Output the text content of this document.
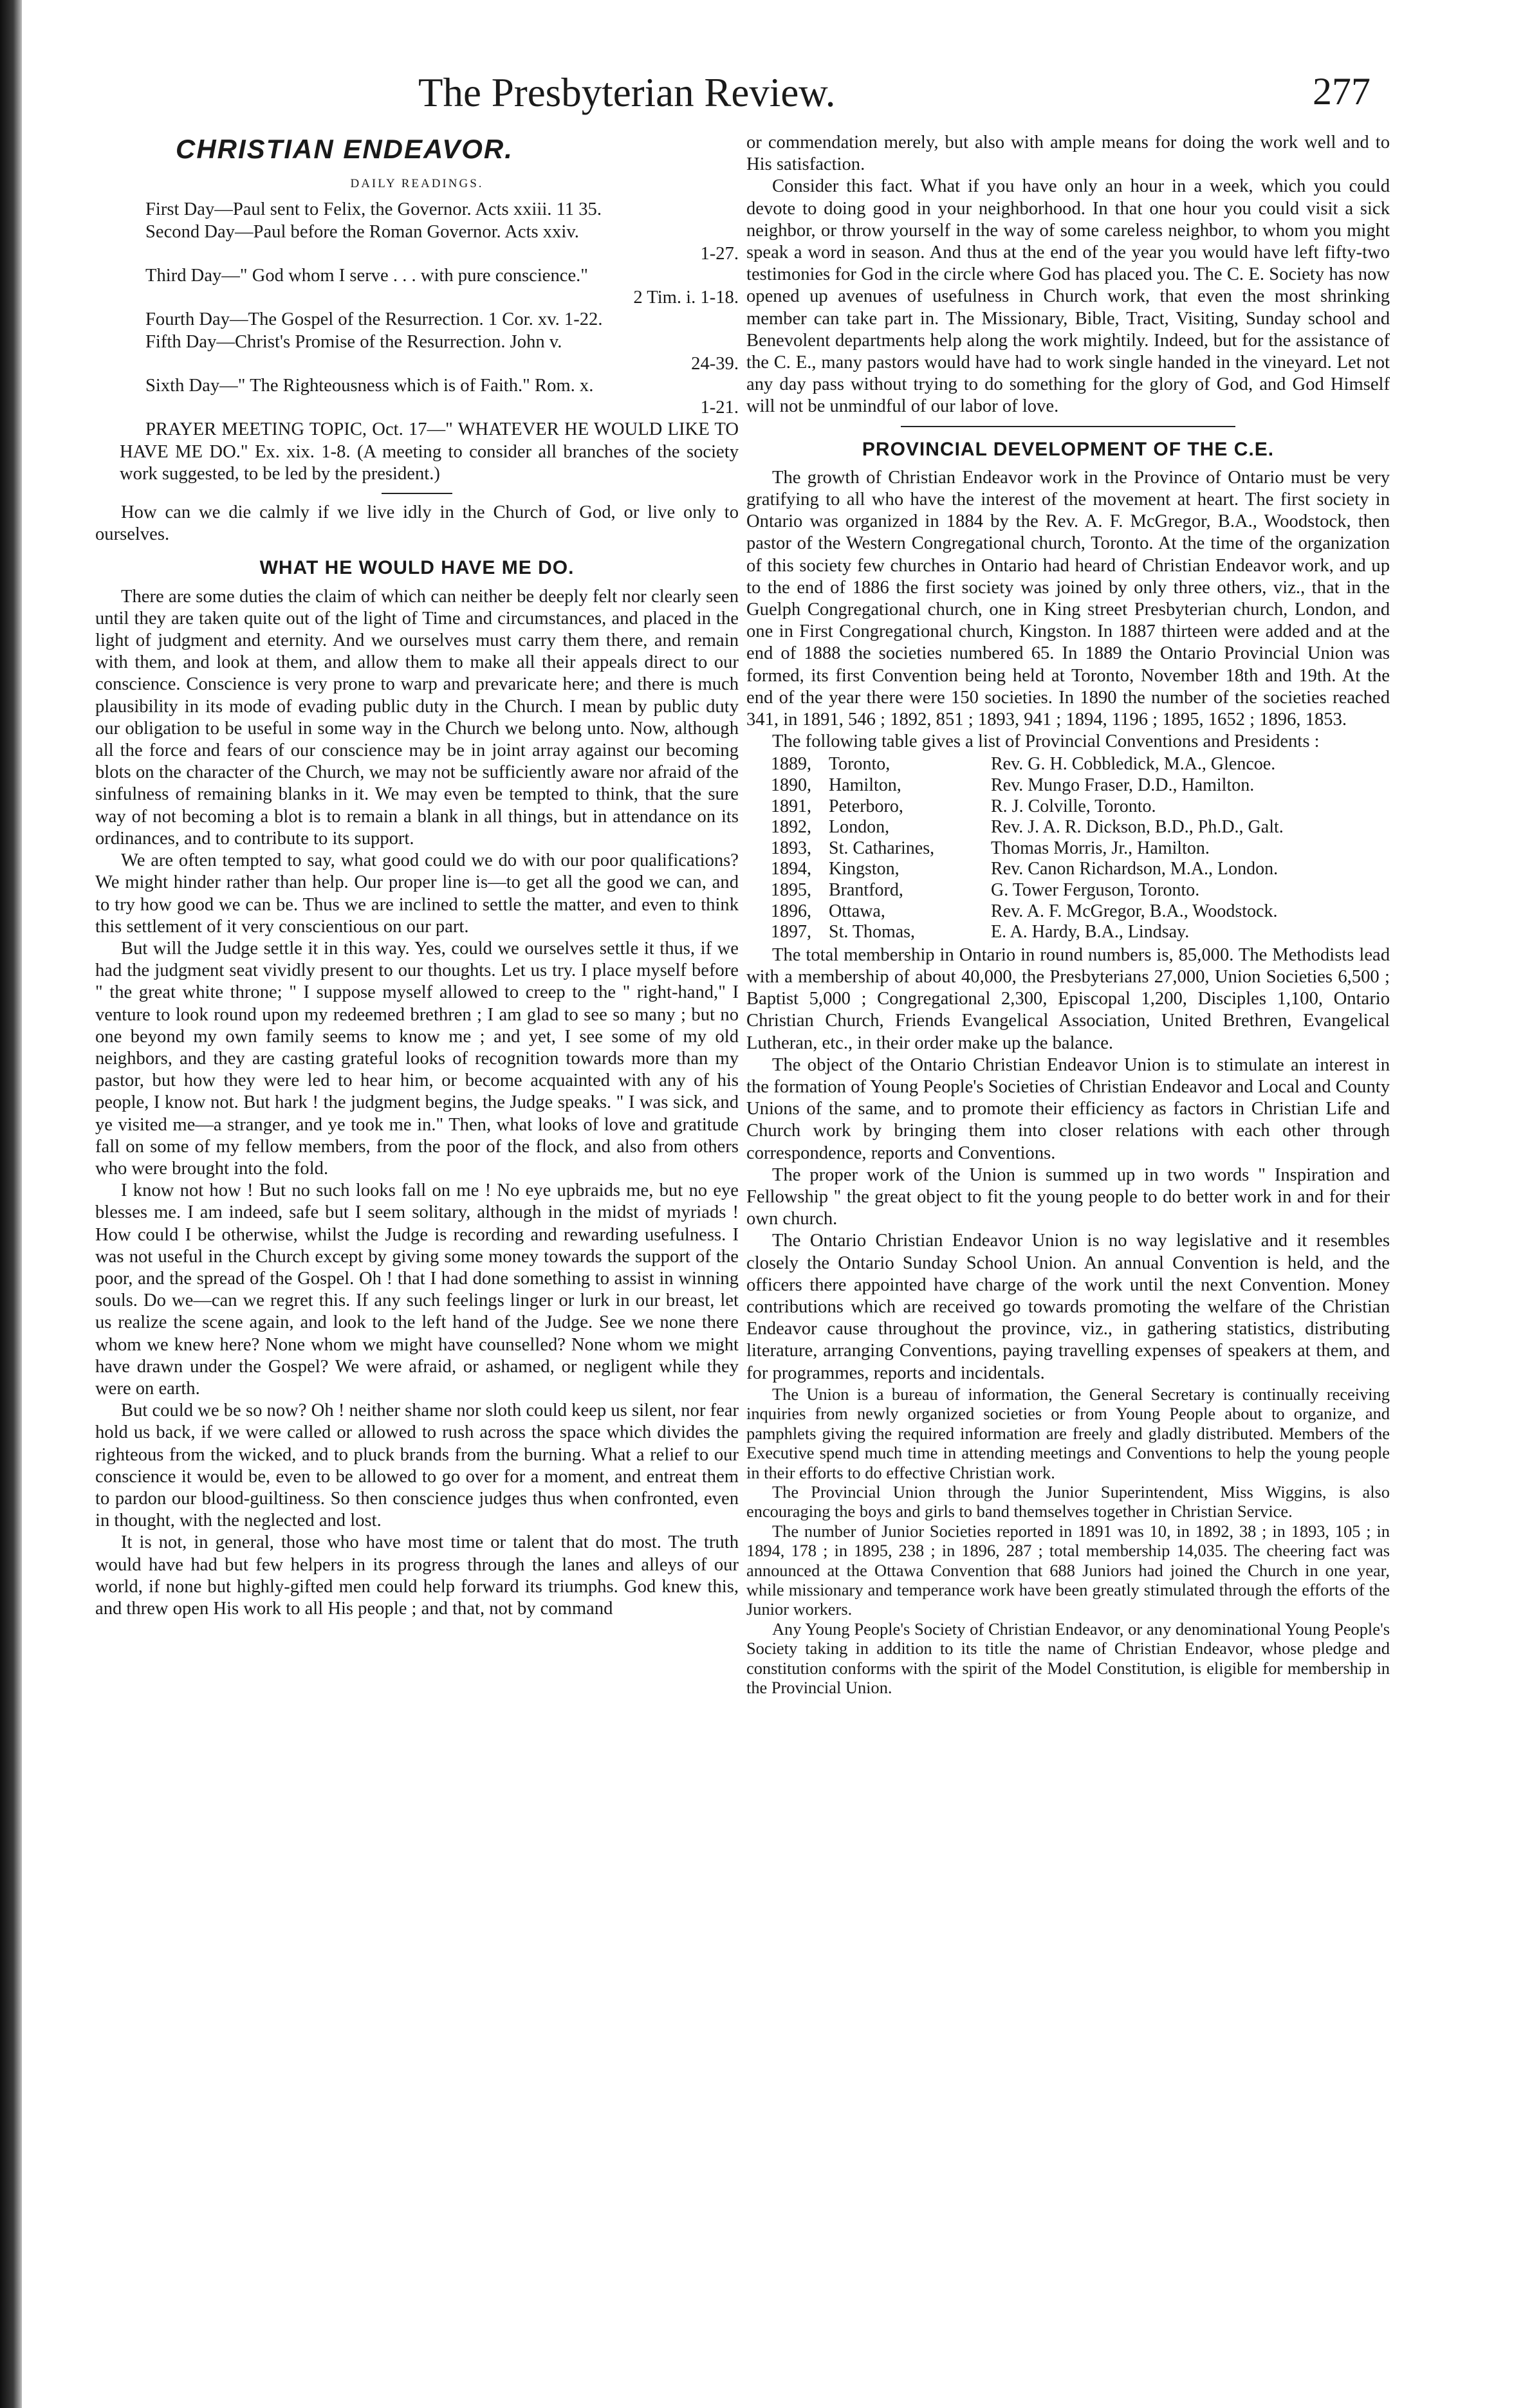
The Presbyterian Review.	277
CHRISTIAN ENDEAVOR.
DAILY READINGS.

First Day—Paul sent to Felix, the Governor. Acts xxiii. 11 35.

Second Day—Paul before the Roman Governor. Acts xxiv.
1-27.

Third Day—" God whom I serve . . . with pure conscience."
2 Tim. i. 1-18.

Fourth Day—The Gospel of the Resurrection. 1 Cor. xv. 1-22.

Fifth Day—Christ's Promise of the Resurrection. John v.
24-39.

Sixth Day—" The Righteousness which is of Faith." Rom. x.
1-21.

PRAYER MEETING TOPIC, Oct. 17—" WHATEVER HE WOULD LIKE TO HAVE ME DO." Ex. xix. 1-8. (A meeting to consider all branches of the society work suggested, to be led by the president.)

How can we die calmly if we live idly in the Church of God, or live only to ourselves.

WHAT HE WOULD HAVE ME DO.

There are some duties the claim of which can neither be deeply felt nor clearly seen until they are taken quite out of the light of Time and circumstances, and placed in the light of judgment and eternity. And we ourselves must carry them there, and remain with them, and look at them, and allow them to make all their appeals direct to our conscience. Conscience is very prone to warp and prevaricate here; and there is much plausibility in its mode of evading public duty in the Church. I mean by public duty our obligation to be useful in some way in the Church we belong unto. Now, although all the force and fears of our conscience may be in joint array against our becoming blots on the character of the Church, we may not be sufficiently aware nor afraid of the sinfulness of remaining blanks in it. We may even be tempted to think, that the sure way of not becoming a blot is to remain a blank in all things, but in attendance on its ordinances, and to contribute to its support.

We are often tempted to say, what good could we do with our poor qualifications? We might hinder rather than help. Our proper line is—to get all the good we can, and to try how good we can be. Thus we are inclined to settle the matter, and even to think this settlement of it very conscientious on our part.

But will the Judge settle it in this way. Yes, could we ourselves settle it thus, if we had the judgment seat vividly present to our thoughts. Let us try. I place myself before " the great white throne; " I suppose myself allowed to creep to the " right-hand," I venture to look round upon my redeemed brethren ; I am glad to see so many ; but no one beyond my own family seems to know me ; and yet, I see some of my old neighbors, and they are casting grateful looks of recognition towards more than my pastor, but how they were led to hear him, or become acquainted with any of his people, I know not. But hark ! the judgment begins, the Judge speaks. " I was sick, and ye visited me—a stranger, and ye took me in." Then, what looks of love and gratitude fall on some of my fellow members, from the poor of the flock, and also from others who were brought into the fold.

I know not how ! But no such looks fall on me ! No eye upbraids me, but no eye blesses me. I am indeed, safe but I seem solitary, although in the midst of myriads ! How could I be otherwise, whilst the Judge is recording and rewarding usefulness. I was not useful in the Church except by giving some money towards the support of the poor, and the spread of the Gospel. Oh ! that I had done something to assist in winning souls. Do we—can we regret this. If any such feelings linger or lurk in our breast, let us realize the scene again, and look to the left hand of the Judge. See we none there whom we knew here? None whom we might have counselled? None whom we might have drawn under the Gospel? We were afraid, or ashamed, or negligent while they were on earth.

But could we be so now? Oh ! neither shame nor sloth could keep us silent, nor fear hold us back, if we were called or allowed to rush across the space which divides the righteous from the wicked, and to pluck brands from the burning. What a relief to our conscience it would be, even to be allowed to go over for a moment, and entreat them to pardon our blood-guiltiness. So then conscience judges thus when confronted, even in thought, with the neglected and lost.

It is not, in general, those who have most time or talent that do most. The truth would have had but few helpers in its progress through the lanes and alleys of our world, if none but highly-gifted men could help forward its triumphs. God knew this, and threw open His work to all His people ; and that, not by command

or commendation merely, but also with ample means for doing the work well and to His satisfaction.

Consider this fact. What if you have only an hour in a week, which you could devote to doing good in your neighborhood. In that one hour you could visit a sick neighbor, or throw yourself in the way of some careless neighbor, to whom you might speak a word in season. And thus at the end of the year you would have left fifty-two testimonies for God in the circle where God has placed you. The C. E. Society has now opened up avenues of usefulness in Church work, that even the most shrinking member can take part in. The Missionary, Bible, Tract, Visiting, Sunday school and Benevolent departments help along the work mightily. Indeed, but for the assistance of the C. E., many pastors would have had to work single handed in the vineyard. Let not any day pass without trying to do something for the glory of God, and God Himself will not be unmindful of our labor of love.

PROVINCIAL DEVELOPMENT OF THE C.E.

The growth of Christian Endeavor work in the Province of Ontario must be very gratifying to all who have the interest of the movement at heart. The first society in Ontario was organized in 1884 by the Rev. A. F. McGregor, B.A., Woodstock, then pastor of the Western Congregational church, Toronto. At the time of the organization of this society few churches in Ontario had heard of Christian Endeavor work, and up to the end of 1886 the first society was joined by only three others, viz., that in the Guelph Congregational church, one in King street Presbyterian church, London, and one in First Congregational church, Kingston. In 1887 thirteen were added and at the end of 1888 the societies numbered 65. In 1889 the Ontario Provincial Union was formed, its first Convention being held at Toronto, November 18th and 19th. At the end of the year there were 150 societies. In 1890 the number of the societies reached 341, in 1891, 546 ; 1892, 851 ; 1893, 941 ; 1894, 1196 ; 1895, 1652 ; 1896, 1853.

The following table gives a list of Provincial Conventions and Presidents :

1889,	Toronto,	Rev. G. H. Cobbledick, M.A., Glencoe.
1890,	Hamilton,	Rev. Mungo Fraser, D.D., Hamilton.
1891,	Peterboro,	R. J. Colville, Toronto.
1892,	London,	Rev. J. A. R. Dickson, B.D., Ph.D., Galt.
1893,	St. Catharines,	Thomas Morris, Jr., Hamilton.
1894,	Kingston,	Rev. Canon Richardson, M.A., London.
1895,	Brantford,	G. Tower Ferguson, Toronto.
1896,	Ottawa,	Rev. A. F. McGregor, B.A., Woodstock.
1897,	St. Thomas,	E. A. Hardy, B.A., Lindsay.

The total membership in Ontario in round numbers is, 85,000. The Methodists lead with a membership of about 40,000, the Presbyterians 27,000, Union Societies 6,500 ; Baptist 5,000 ; Congregational 2,300, Episcopal 1,200, Disciples 1,100, Ontario Christian Church, Friends Evangelical Association, United Brethren, Evangelical Lutheran, etc., in their order make up the balance.

The object of the Ontario Christian Endeavor Union is to stimulate an interest in the formation of Young People's Societies of Christian Endeavor and Local and County Unions of the same, and to promote their efficiency as factors in Christian Life and Church work by bringing them into closer relations with each other through correspondence, reports and Conventions.

The proper work of the Union is summed up in two words " Inspiration and Fellowship " the great object to fit the young people to do better work in and for their own church.

The Ontario Christian Endeavor Union is no way legislative and it resembles closely the Ontario Sunday School Union. An annual Convention is held, and the officers there appointed have charge of the work until the next Convention. Money contributions which are received go towards promoting the welfare of the Christian Endeavor cause throughout the province, viz., in gathering statistics, distributing literature, arranging Conventions, paying travelling expenses of speakers at them, and for programmes, reports and incidentals.

The Union is a bureau of information, the General Secretary is continually receiving inquiries from newly organized societies or from Young People about to organize, and pamphlets giving the required information are freely and gladly distributed. Members of the Executive spend much time in attending meetings and Conventions to help the young people in their efforts to do effective Christian work.

The Provincial Union through the Junior Superintendent, Miss Wiggins, is also encouraging the boys and girls to band themselves together in Christian Service.

The number of Junior Societies reported in 1891 was 10, in 1892, 38 ; in 1893, 105 ; in 1894, 178 ; in 1895, 238 ; in 1896, 287 ; total membership 14,035. The cheering fact was announced at the Ottawa Convention that 688 Juniors had joined the Church in one year, while missionary and temperance work have been greatly stimulated through the efforts of the Junior workers.

Any Young People's Society of Christian Endeavor, or any denominational Young People's Society taking in addition to its title the name of Christian Endeavor, whose pledge and constitution conforms with the spirit of the Model Constitution, is eligible for membership in the Provincial Union.
